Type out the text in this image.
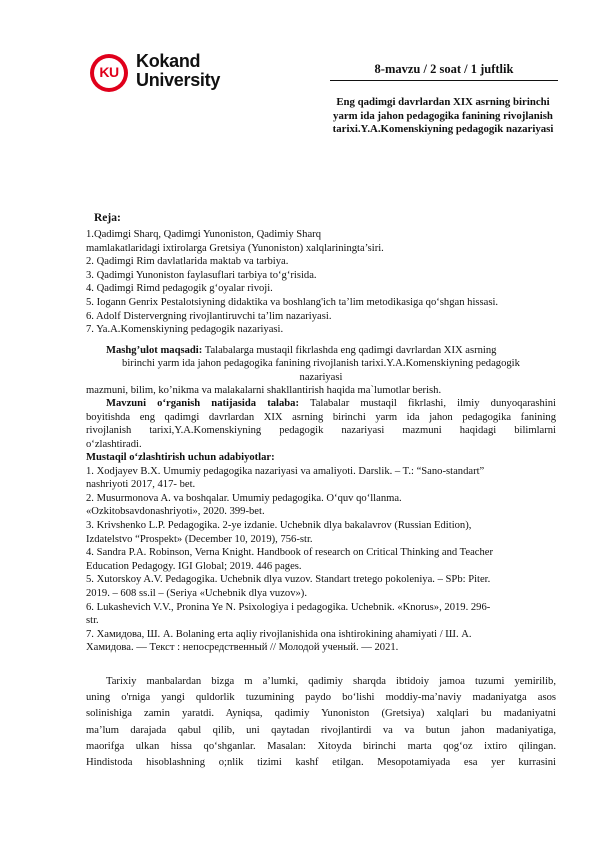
KU
Kokand
University
8-mavzu / 2 soat / 1 juftlik
Eng qadimgi davrlardan XIX asrning birinchi
yarm ida jahon pedagogika fanining rivojlanish
tarixi.Y.A.Komenskiyning pedagogik nazariyasi
Reja:
1.Qadimgi Sharq, Qadimgi Yunoniston, Qadimiy Sharq
mamlakatlaridagi ixtirolarga Gretsiya (Yunoniston) xalqlariningta’siri.
2. Qadimgi Rim davlatlarida maktab va tarbiya.
3. Qadimgi Yunoniston faylasuflari tarbiya to‘g‘risida.
4. Qadimgi Rimd pedagogik g‘oyalar rivoji.
5. Iogann Genrix Pestalotsiyning didaktika va boshlang'ich ta’lim metodikasiga qo‘shgan hissasi.
6. Adolf Distervergning rivojlantiruvchi ta’lim nazariyasi.
7. Ya.A.Komenskiyning pedagogik nazariyasi.
Mashg’ulot maqsadi: Talabalarga mustaqil fikrlashda eng qadimgi davrlardan XIX asrning
birinchi yarm ida jahon pedagogika fanining rivojlanish tarixi.Y.A.Komenskiyning pedagogik
nazariyasi
mazmuni, bilim, ko’nikma va malakalarni shakllantirish haqida ma`lumotlar berish.

Mavzuni o‘rganish natijasida talaba: Talabalar mustaqil fikrlashi, ilmiy dunyoqarashini

boyitishda eng qadimgi davrlardan XIX asrning birinchi yarm ida jahon pedagogika fanining

rivojlanish tarixi,Y.A.Komenskiyning pedagogik nazariyasi mazmuni haqidagi bilimlarni

o‘zlashtiradi.

Mustaqil o‘zlashtirish uchun adabiyotlar:
1. Xodjayev B.X. Umumiy pedagogika nazariyasi va amaliyoti. Darslik. – T.: “Sano-standart”
nashriyoti 2017, 417- bet.
2. Musurmonova A. va boshqalar. Umumiy pedagogika. O‘quv qo‘llanma.
«Ozkitobsavdonashriyoti», 2020. 399-bet.
3. Krivshenko L.P. Pedagogika. 2-ye izdanie. Uchebnik dlya bakalavrov (Russian Edition),
Izdatelstvo “Prospekt» (December 10, 2019), 756-str.
4. Sandra P.A. Robinson, Verna Knight. Handbook of research on Critical Thinking and Teacher
Education Pedagogy. IGI Global; 2019. 446 pages.
5. Xutorskoy A.V. Pedagogika. Uchebnik dlya vuzov. Standart tretego pokoleniya. – SPb: Piter.
2019. – 608 ss.il – (Seriya «Uchebnik dlya vuzov»).
6. Lukashevich V.V., Pronina Ye N. Psixologiya i pedagogika. Uchebnik. «Knorus», 2019. 296-
str.
7. Хамидова, Ш. А. Bolaning erta aqliy rivojlanishida ona ishtirokining ahamiyati / Ш. А.
Хамидова. — Текст : непосредственный // Молодой ученый. — 2021.
Tarixiy manbalardan bizga m a’lumki, qadimiy sharqda ibtidoiy jamoa tuzumi yemirilib,
uning o'rniga yangi quldorlik tuzumining paydo bo‘lishi moddiy-ma’naviy madaniyatga asos
solinishiga zamin yaratdi. Ayniqsa, qadimiy Yunoniston (Gretsiya) xalqlari bu madaniyatni
ma’lum darajada qabul qilib, uni qaytadan rivojlantirdi va va butun jahon madaniyatiga,
maorifga ulkan hissa qo‘shganlar. Masalan: Xitoyda birinchi marta qog‘oz ixtiro qilingan.
Hindistoda hisoblashning o;nlik tizimi kashf etilgan. Mesopotamiyada esa yer kurrasini
